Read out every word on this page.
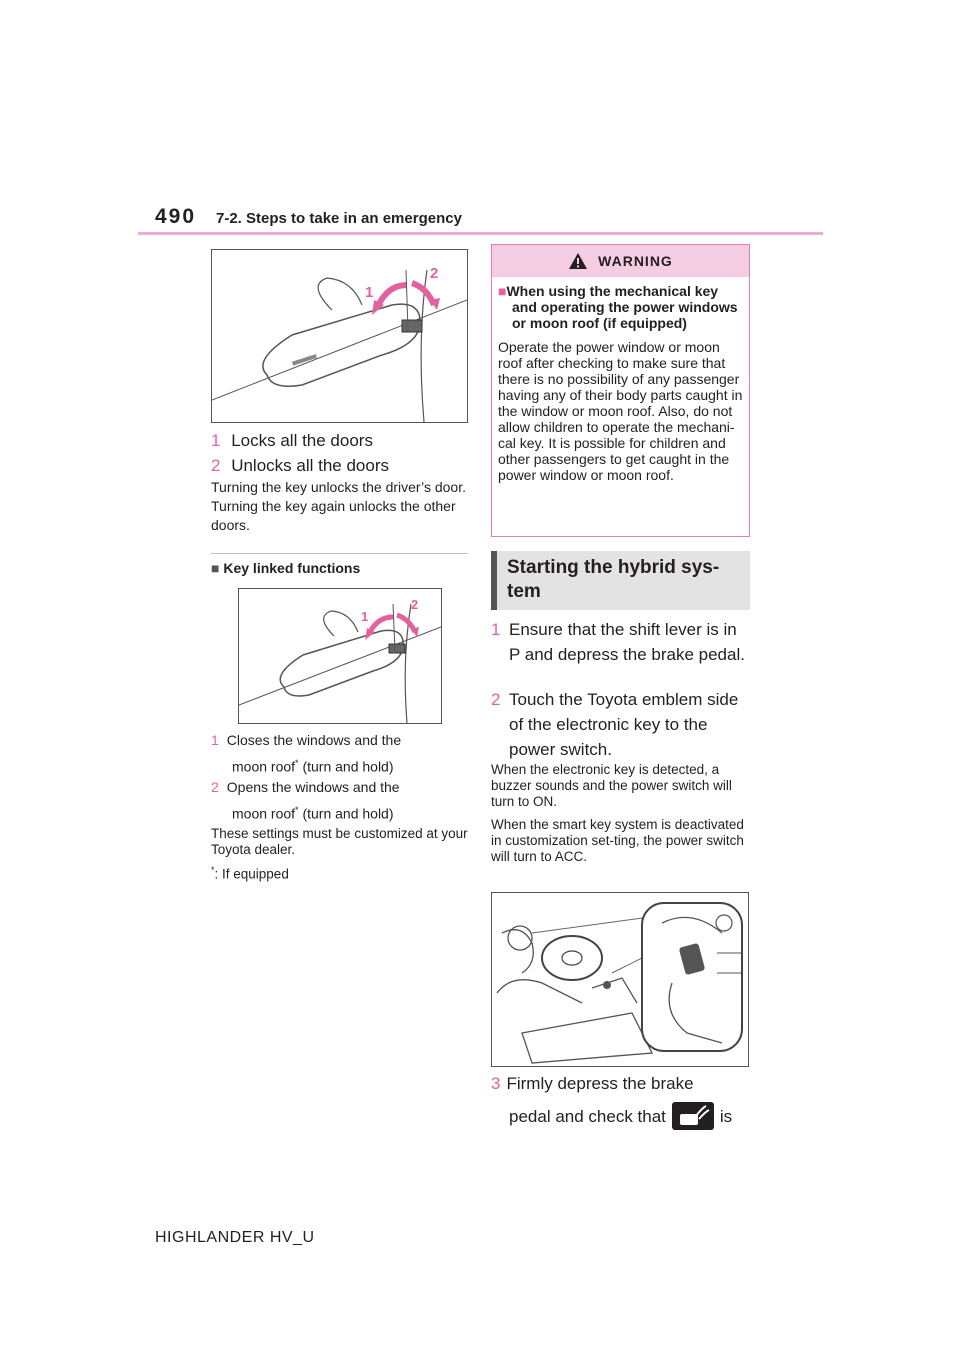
490 7-2. Steps to take in an emergency
1
2
1 Locks all the doors
2 Unlocks all the doors
Turning the key unlocks the driver’s door. Turning the key again unlocks the other doors.
■ Key linked functions
1
2
1 Closes the windows and the
moon roof* (turn and hold)
2 Opens the windows and the
moon roof* (turn and hold)
These settings must be customized at your Toyota dealer.
*: If equipped
WARNING
■When using the mechanical key and operating the power windows or moon roof (if equipped)
Operate the power window or moon roof after checking to make sure that there is no possibility of any passenger having any of their body parts caught in the window or moon roof. Also, do not allow children to operate the mechani-cal key. It is possible for children and other passengers to get caught in the power window or moon roof.
Starting the hybrid sys-tem
1 Ensure that the shift lever is in P and depress the brake pedal.
2 Touch the Toyota emblem side of the electronic key to the power switch.
When the electronic key is detected, a buzzer sounds and the power switch will turn to ON.
When the smart key system is deactivated in customization set-ting, the power switch will turn to ACC.
3 Firmly depress the brake
pedal and check that	is
HIGHLANDER HV_U
